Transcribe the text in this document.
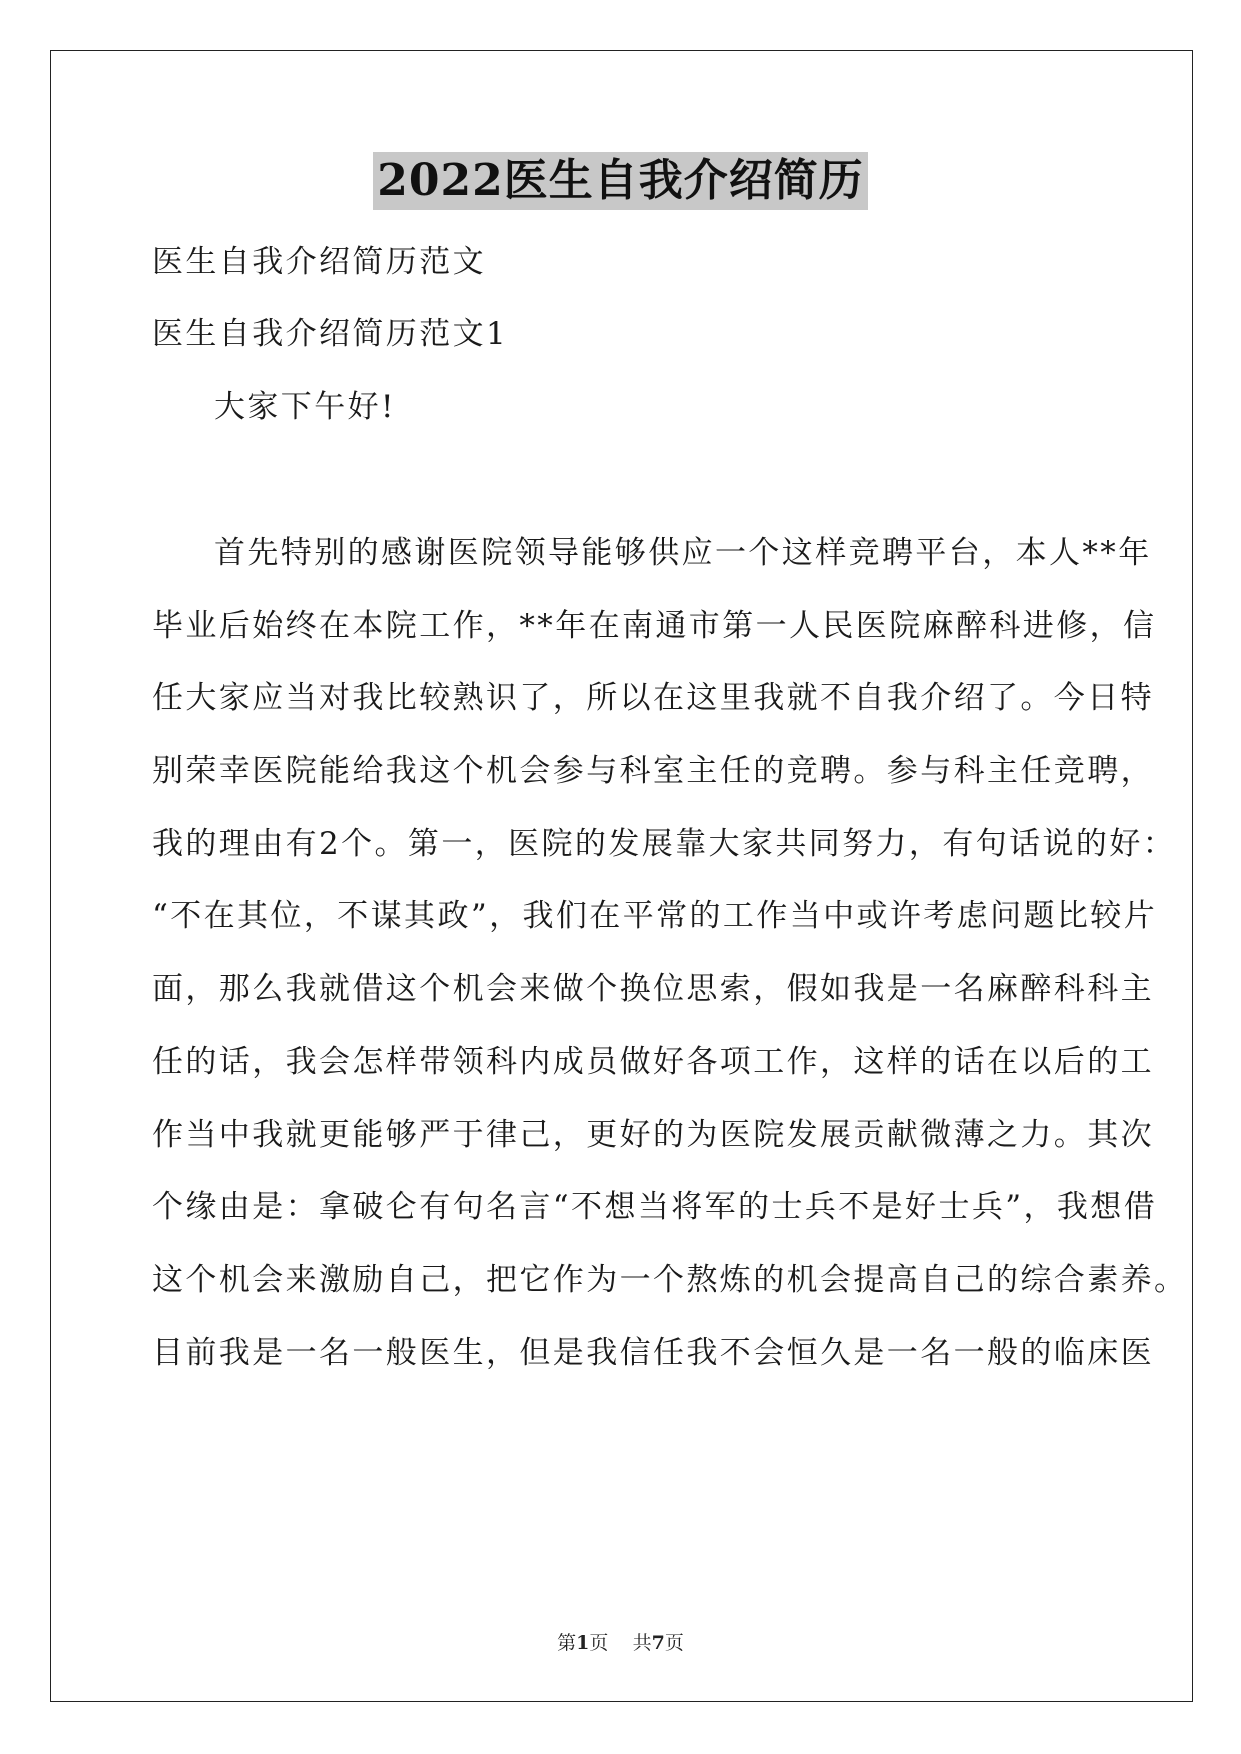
2022医生自我介绍简历
医生自我介绍简历范文
医生自我介绍简历范文1
大家下午好!
首先特别的感谢医院领导能够供应一个这样竞聘平台，本人**年
毕业后始终在本院工作，**年在南通市第一人民医院麻醉科进修，信
任大家应当对我比较熟识了，所以在这里我就不自我介绍了。今日特
别荣幸医院能给我这个机会参与科室主任的竞聘。参与科主任竞聘，
我的理由有2个。第一，医院的发展靠大家共同努力，有句话说的好：
“不在其位，不谋其政”，我们在平常的工作当中或许考虑问题比较片
面，那么我就借这个机会来做个换位思索，假如我是一名麻醉科科主
任的话，我会怎样带领科内成员做好各项工作，这样的话在以后的工
作当中我就更能够严于律己，更好的为医院发展贡献微薄之力。其次
个缘由是：拿破仑有句名言“不想当将军的士兵不是好士兵”，我想借
这个机会来激励自己，把它作为一个熬炼的机会提高自己的综合素养。
目前我是一名一般医生，但是我信任我不会恒久是一名一般的临床医
第1页 共7页
